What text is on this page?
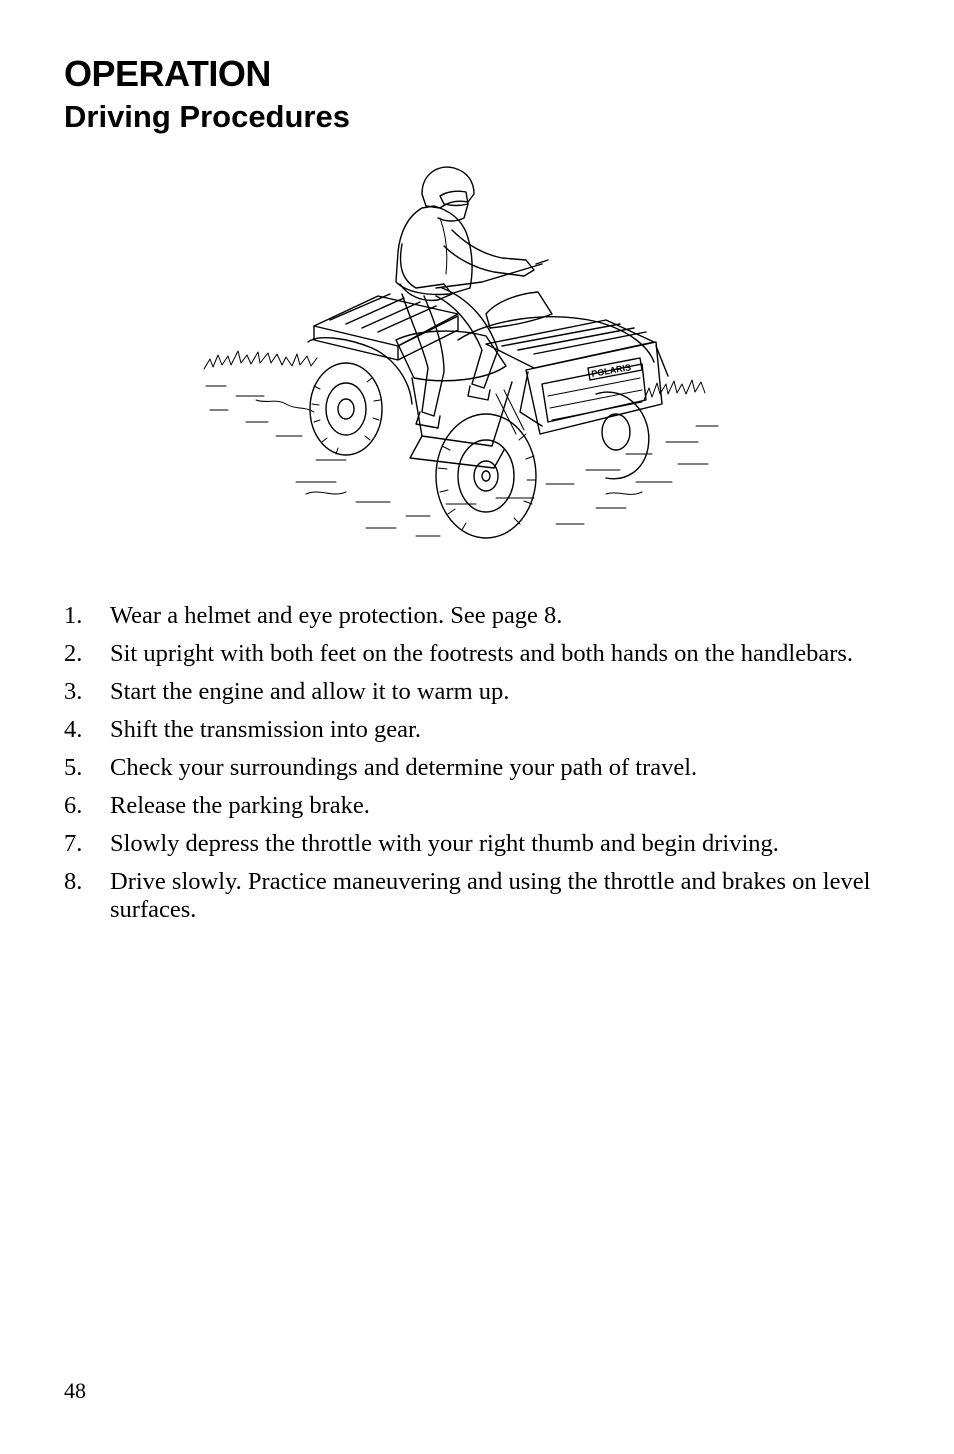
OPERATION
Driving Procedures
POLARIS
1. Wear a helmet and eye protection. See page 8.
2. Sit upright with both feet on the footrests and both hands on the handlebars.
3. Start the engine and allow it to warm up.
4. Shift the transmission into gear.
5. Check your surroundings and determine your path of travel.
6. Release the parking brake.
7. Slowly depress the throttle with your right thumb and begin driving.
8. Drive slowly. Practice maneuvering and using the throttle and brakes on level surfaces.

48
